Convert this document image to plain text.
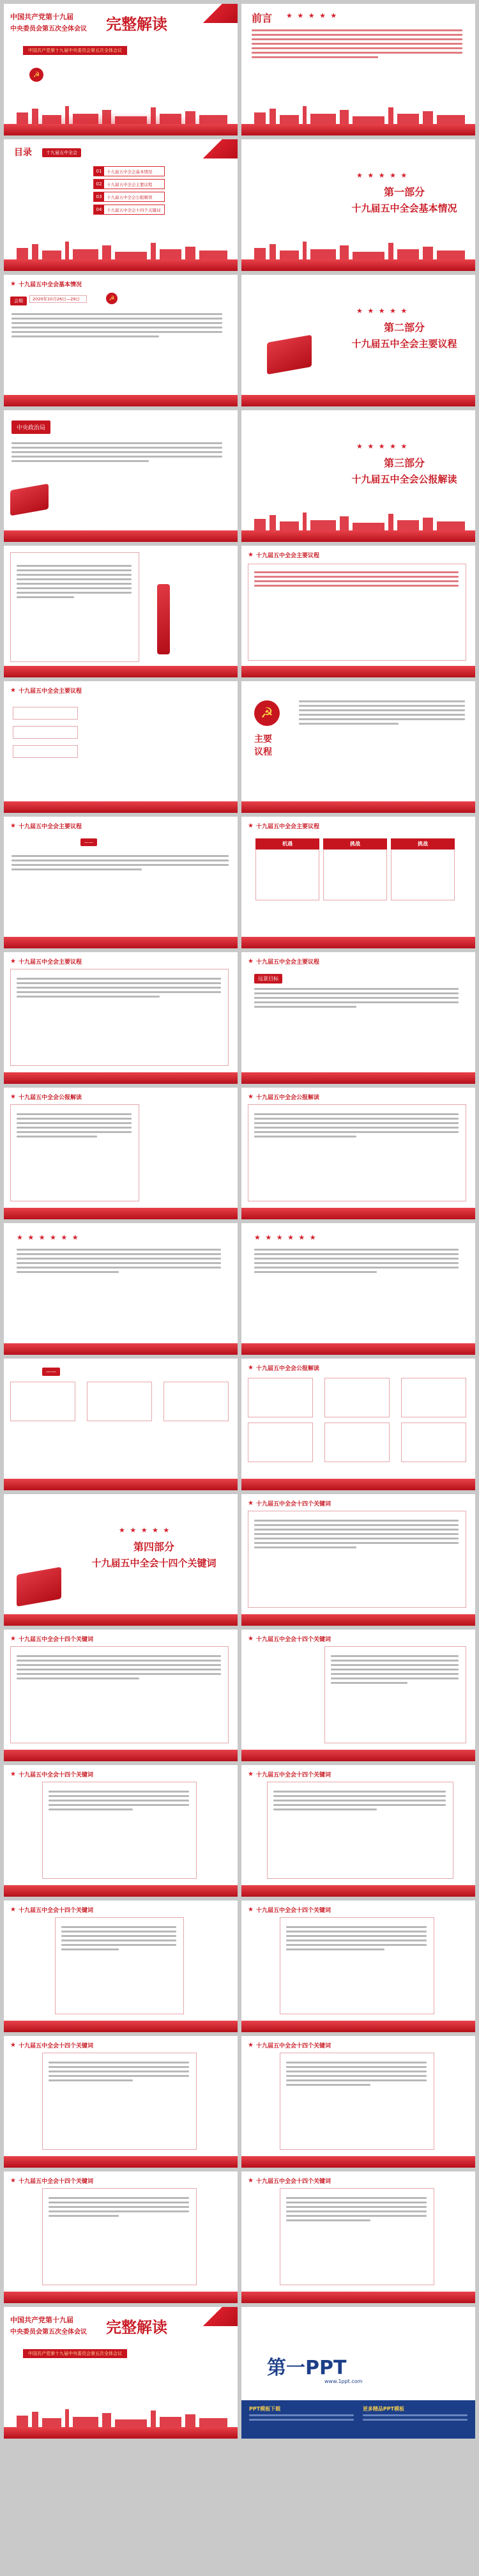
中国共产党第十九届
中央委员会第五次全体会议 完整解读
中国共产党第十九届中央委员会第五次全体会议
☭
前言 ★ ★ ★ ★ ★
目录	十九届五中全会
01	十九届五中全会基本情况
02	十九届五中全会主要议程
03	十九届五中全会公报解读
04	十九届五中全会十四个关键词
★ ★ ★ ★ ★
第一部分
十九届五中全会基本情况
★ 十九届五中全会基本情况
会期	2020年10月26日—29日	☭
★ ★ ★ ★ ★
第二部分
十九届五中全会主要议程
中央政治局
★ ★ ★ ★ ★
第三部分
十九届五中全会公报解读
★ 十九届五中全会主要议程
★ 十九届五中全会主要议程
☭
主要
议程
★ 十九届五中全会主要议程
——
★ 十九届五中全会主要议程
机遇	挑战	挑战
★ 十九届五中全会主要议程	★ 十九届五中全会主要议程
远景目标
★ 十九届五中全会公报解读	★ 十九届五中全会公报解读
★ ★ ★ ★ ★ ★	★ ★ ★ ★ ★ ★
——
★ 十九届五中全会公报解读
★ ★ ★ ★ ★
第四部分
十九届五中全会十四个关键词
★ 十九届五中全会十四个关键词
★ 十九届五中全会十四个关键词	★ 十九届五中全会十四个关键词
★ 十九届五中全会十四个关键词	★ 十九届五中全会十四个关键词
★ 十九届五中全会十四个关键词	★ 十九届五中全会十四个关键词
★ 十九届五中全会十四个关键词	★ 十九届五中全会十四个关键词
★ 十九届五中全会十四个关键词	★ 十九届五中全会十四个关键词
中国共产党第十九届
中央委员会第五次全体会议 完整解读
中国共产党第十九届中央委员会第五次全体会议
第一PPT
www.1ppt.com
PPT模板下载	更多精品PPT模板
